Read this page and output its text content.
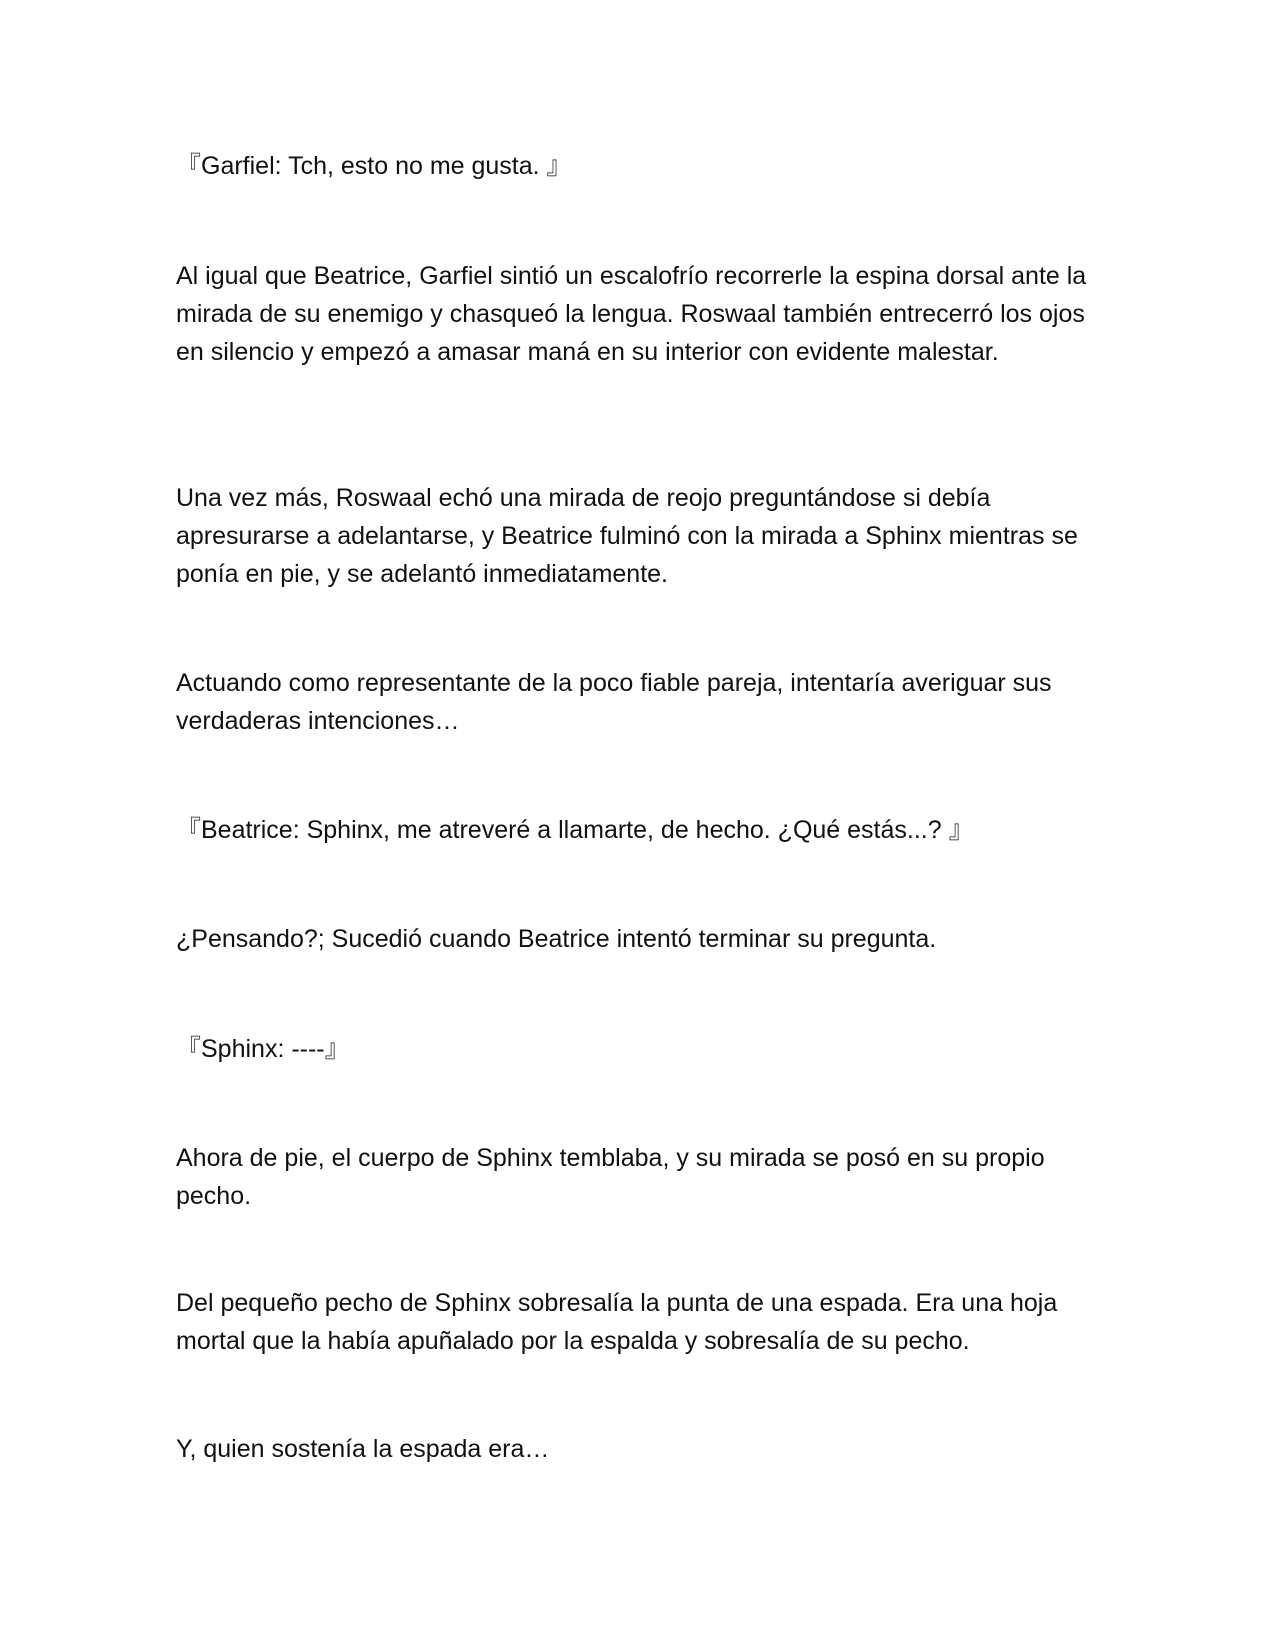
『Garfiel: Tch, esto no me gusta. 』

Al igual que Beatrice, Garfiel sintió un escalofrío recorrerle la espina dorsal ante la mirada de su enemigo y chasqueó la lengua. Roswaal también entrecerró los ojos en silencio y empezó a amasar maná en su interior con evidente malestar.

Una vez más, Roswaal echó una mirada de reojo preguntándose si debía apresurarse a adelantarse, y Beatrice fulminó con la mirada a Sphinx mientras se ponía en pie, y se adelantó inmediatamente.

Actuando como representante de la poco fiable pareja, intentaría averiguar sus verdaderas intenciones…

『Beatrice: Sphinx, me atreveré a llamarte, de hecho. ¿Qué estás...? 』

¿Pensando?; Sucedió cuando Beatrice intentó terminar su pregunta.

『Sphinx: ----』

Ahora de pie, el cuerpo de Sphinx temblaba, y su mirada se posó en su propio pecho.

Del pequeño pecho de Sphinx sobresalía la punta de una espada. Era una hoja mortal que la había apuñalado por la espalda y sobresalía de su pecho.

Y, quien sostenía la espada era…
